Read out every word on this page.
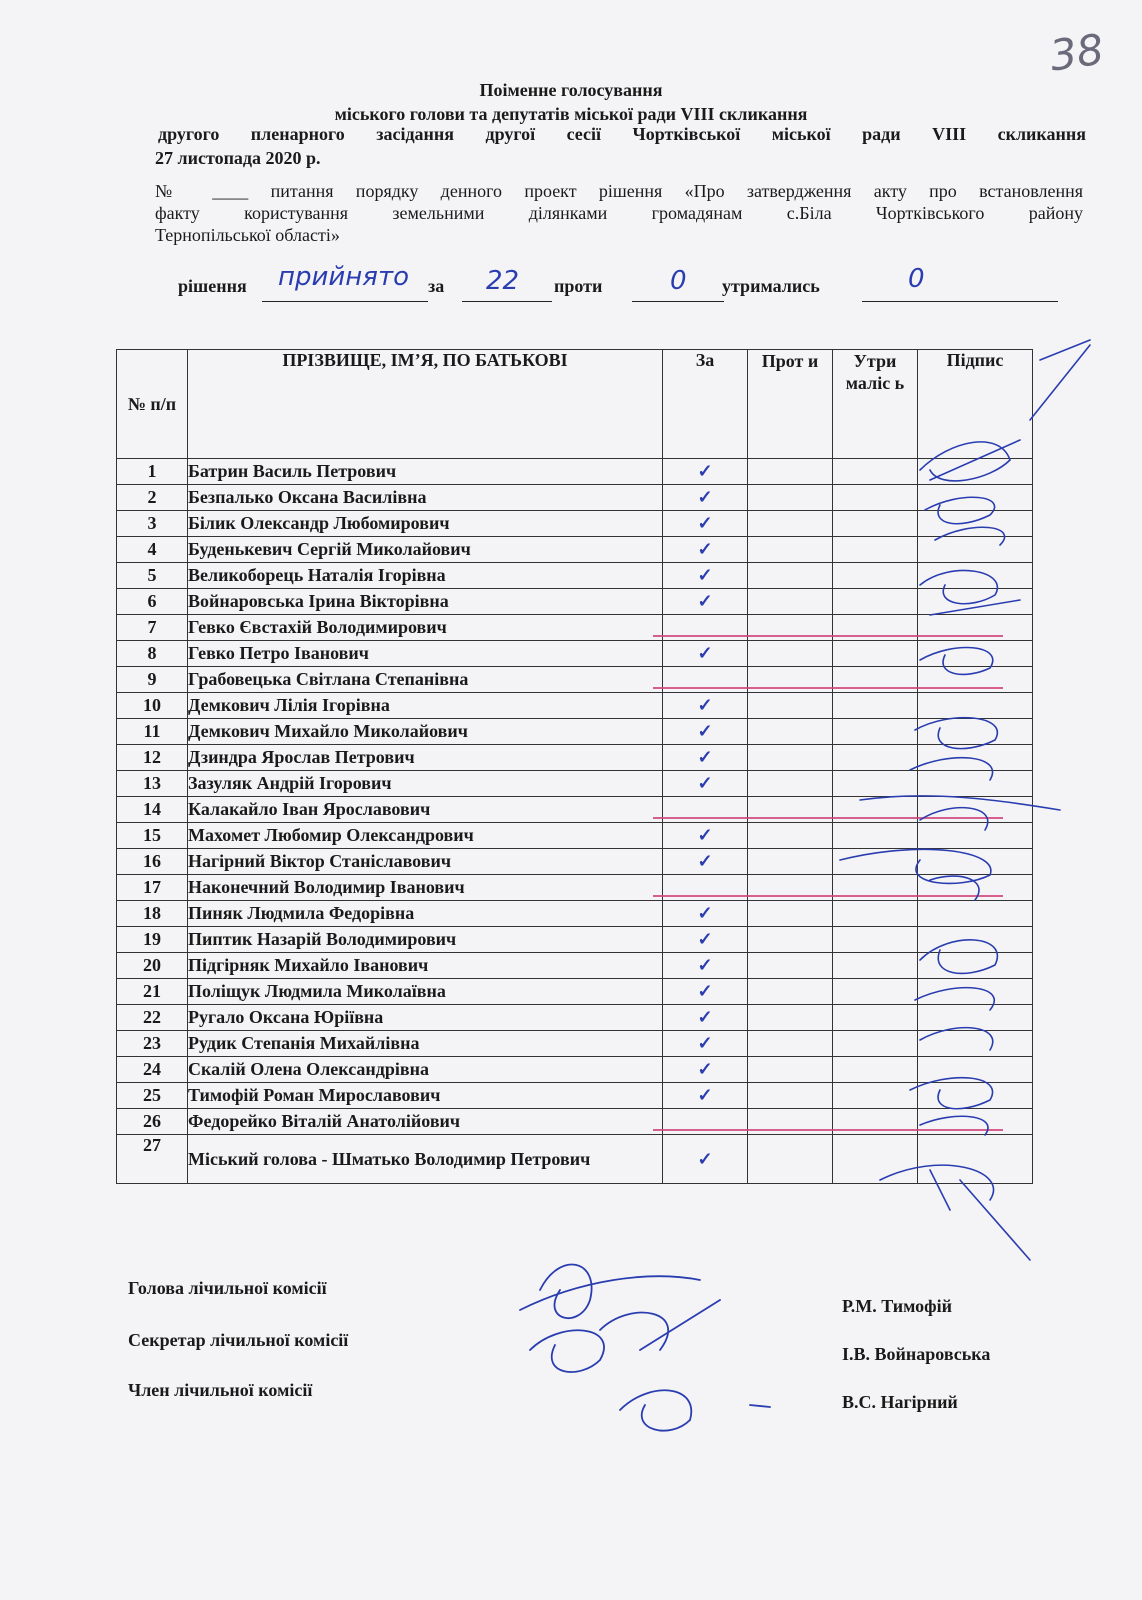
38
Поіменне голосування
міського голови та депутатів міської ради VIII скликання
другого пленарного засідання другої сесії Чортківської міської ради VIII скликання
27 листопада 2020 р.
№ ____ питання порядку денного проект рішення «Про затвердження акту про встановлення
факту користування земельними ділянками громадянам с.Біла Чортківського району
Тернопільської області»
рішення	за	проти	утримались
прийнято	22	0	0
№ п/п	ПРІЗВИЩЕ, ІМ’Я, ПО БАТЬКОВІ	За	Прот и	Утри маліс ь	Підпис
1	Батрин Василь Петрович	✓			
2	Безпалько Оксана Василівна	✓			
3	Білик Олександр Любомирович	✓			
4	Буденькевич Сергій Миколайович	✓			
5	Великоборець Наталія Ігорівна	✓			
6	Войнаровська Ірина Вікторівна	✓			
7	Гевко Євстахій Володимирович				
8	Гевко Петро Іванович	✓			
9	Грабовецька Світлана Степанівна				
10	Демкович Лілія Ігорівна	✓			
11	Демкович Михайло Миколайович	✓			
12	Дзиндра Ярослав Петрович	✓			
13	Зазуляк Андрій Ігорович	✓			
14	Калакайло Іван Ярославович				
15	Махомет Любомир Олександрович	✓			
16	Нагірний Віктор Станіславович	✓			
17	Наконечний Володимир Іванович				
18	Пиняк Людмила Федорівна	✓			
19	Пиптик Назарій Володимирович	✓			
20	Підгірняк Михайло Іванович	✓			
21	Поліщук Людмила Миколаївна	✓			
22	Ругало Оксана Юріївна	✓			
23	Рудик Степанія Михайлівна	✓			
24	Скалій Олена Олександрівна	✓			
25	Тимофій Роман Мирославович	✓			
26	Федорейко Віталій Анатолійович				
27	Міський голова - Шматько Володимир Петрович	✓			
Голова лічильної комісії
Секретар лічильної комісії
Член лічильної комісії
Р.М. Тимофій
І.В. Войнаровська
В.С. Нагірний
